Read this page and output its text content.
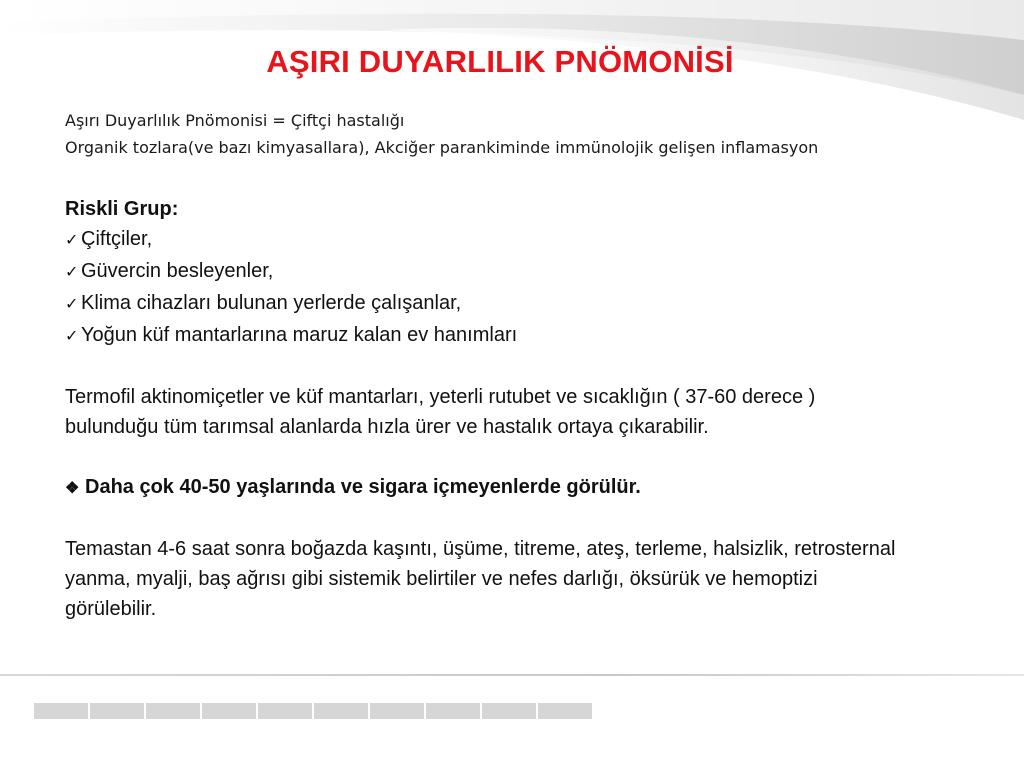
AŞIRI DUYARLILIK PNÖMONİSİ

Aşırı Duyarlılık Pnömonisi = Çiftçi hastalığı

Organik tozlara(ve bazı kimyasallara), Akciğer parankiminde immünolojik gelişen inflamasyon

Riskli Grup:

✓ Çiftçiler,
✓ Güvercin besleyenler,
✓ Klima cihazları bulunan yerlerde çalışanlar,
✓ Yoğun küf mantarlarına maruz kalan ev hanımları

Termofil aktinomiçetler ve küf mantarları, yeterli rutubet ve sıcaklığın ( 37-60 derece ) bulunduğu tüm tarımsal alanlarda hızla ürer ve hastalık ortaya çıkarabilir.

❖ Daha çok 40-50 yaşlarında ve sigara içmeyenlerde görülür.

Temastan 4-6 saat sonra boğazda kaşıntı, üşüme, titreme, ateş, terleme, halsizlik, retrosternal yanma, myalji, baş ağrısı gibi sistemik belirtiler ve nefes darlığı, öksürük ve hemoptizi görülebilir.
